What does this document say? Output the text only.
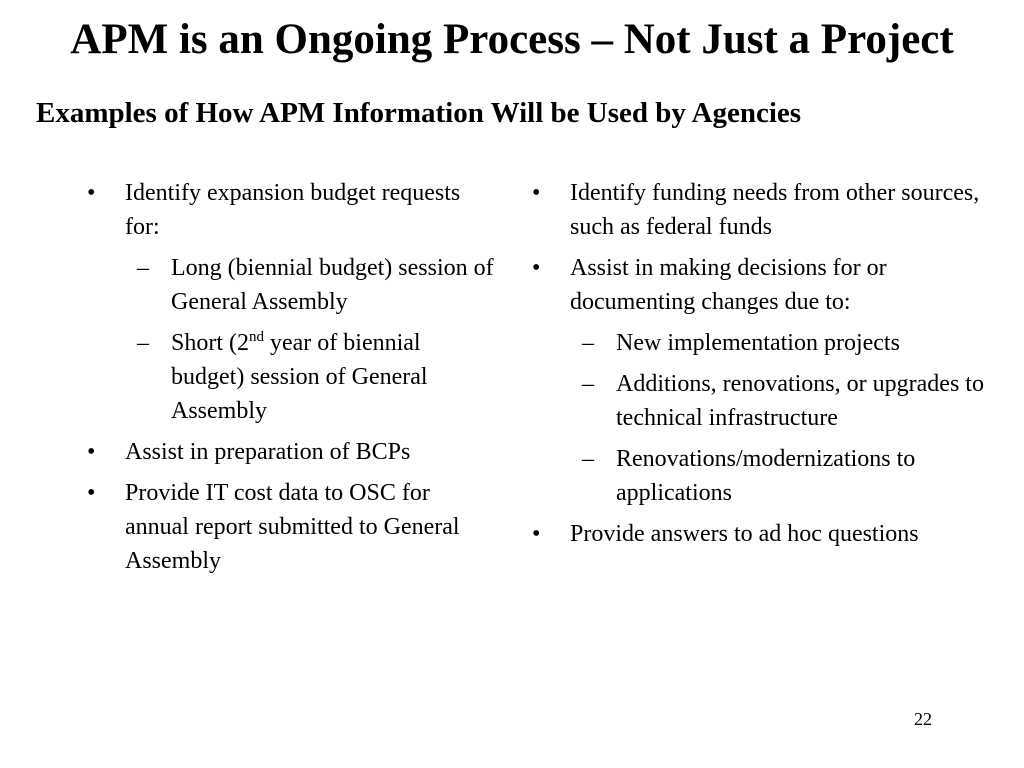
APM is an Ongoing Process – Not Just a Project
Examples of How APM Information Will be Used by Agencies
• Identify expansion budget requests for:
– Long (biennial budget) session of General Assembly
– Short (2nd year of biennial budget) session of General Assembly
• Assist in preparation of BCPs
• Provide IT cost data to OSC for annual report submitted to General Assembly
• Identify funding needs from other sources, such as federal funds
• Assist in making decisions for or documenting changes due to:
– New implementation projects
– Additions, renovations, or upgrades to technical infrastructure
– Renovations/modernizations to applications
• Provide answers to ad hoc questions
22
